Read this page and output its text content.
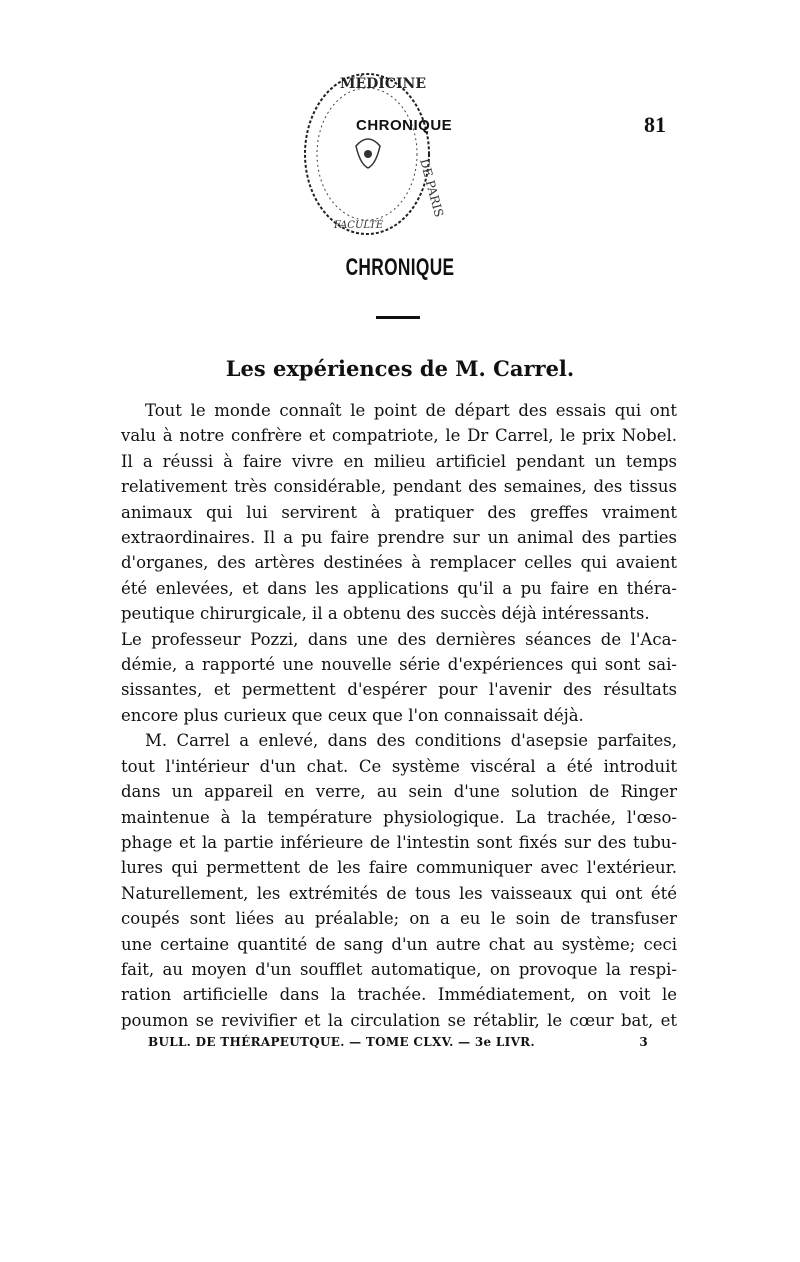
MÉDICINE
DE PARIS
FACULTÉ
CHRONIQUE	81
CHRONIQUE
Les expériences de M. Carrel.
Tout le monde connaît le point de départ des essais qui ont
valu à notre confrère et compatriote, le Dr Carrel, le prix Nobel.
Il a réussi à faire vivre en milieu artificiel pendant un temps
relativement très considérable, pendant des semaines, des tissus
animaux qui lui servirent à pratiquer des greffes vraiment
extraordinaires. Il a pu faire prendre sur un animal des parties
d'organes, des artères destinées à remplacer celles qui avaient
été enlevées, et dans les applications qu'il a pu faire en théra-
peutique chirurgicale, il a obtenu des succès déjà intéressants.
Le professeur Pozzi, dans une des dernières séances de l'Aca-
démie, a rapporté une nouvelle série d'expériences qui sont sai-
sissantes, et permettent d'espérer pour l'avenir des résultats
encore plus curieux que ceux que l'on connaissait déjà.
M. Carrel a enlevé, dans des conditions d'asepsie parfaites,
tout l'intérieur d'un chat. Ce système viscéral a été introduit
dans un appareil en verre, au sein d'une solution de Ringer
maintenue à la température physiologique. La trachée, l'œso-
phage et la partie inférieure de l'intestin sont fixés sur des tubu-
lures qui permettent de les faire communiquer avec l'extérieur.
Naturellement, les extrémités de tous les vaisseaux qui ont été
coupés sont liées au préalable; on a eu le soin de transfuser
une certaine quantité de sang d'un autre chat au système; ceci
fait, au moyen d'un soufflet automatique, on provoque la respi-
ration artificielle dans la trachée. Immédiatement, on voit le
poumon se revivifier et la circulation se rétablir, le cœur bat, et
BULL. DE THÉRAPEUTQUE. — TOME CLXV. — 3e LIVR.	3
